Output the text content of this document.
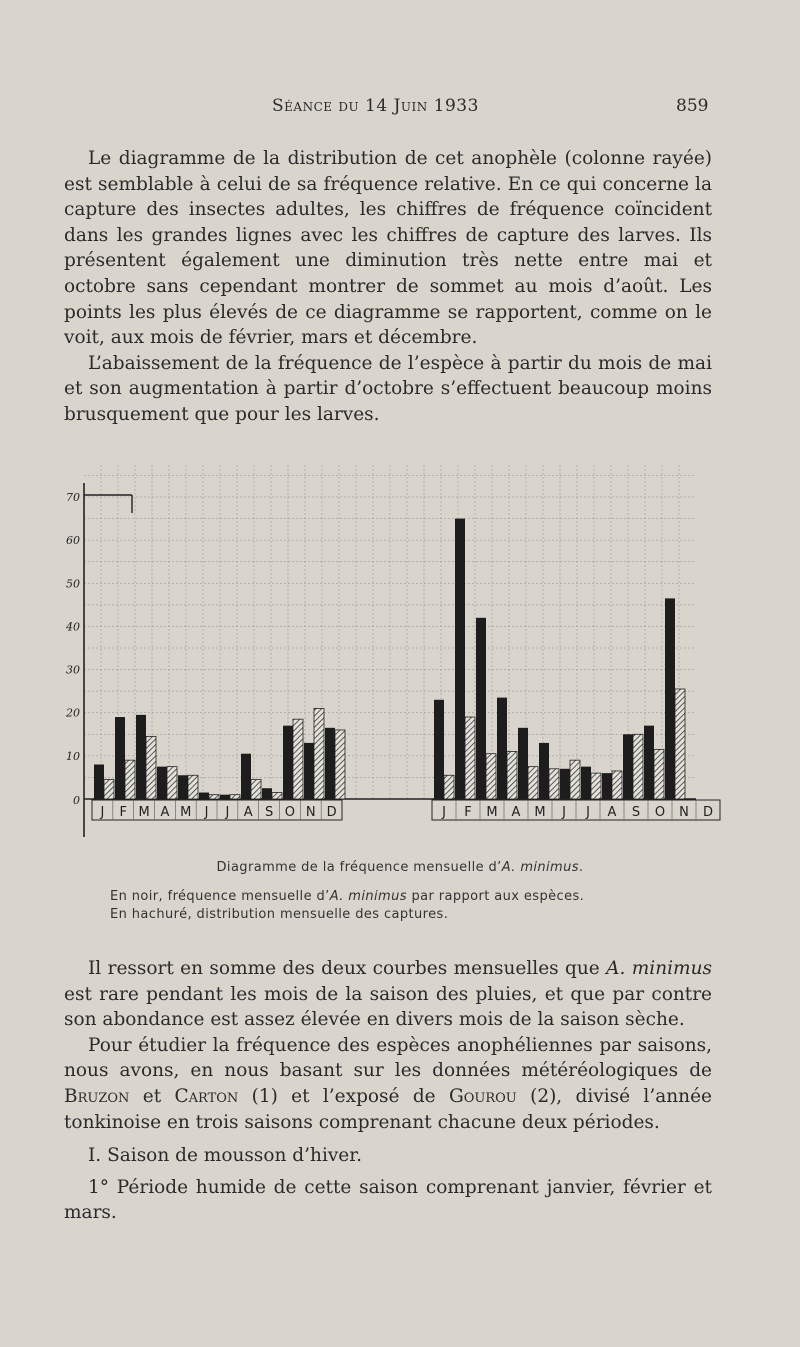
Séance du 14 Juin 1933	859

Le diagramme de la distribution de cet anophèle (colonne rayée) est semblable à celui de sa fréquence relative. En ce qui concerne la capture des insectes adultes, les chiffres de fréquence coïncident dans les grandes lignes avec les chiffres de capture des larves. Ils présentent également une diminution très nette entre mai et octobre sans cependant montrer de sommet au mois d’août. Les points les plus élevés de ce diagramme se rapportent, comme on le voit, aux mois de février, mars et décembre.

L’abaissement de la fréquence de l’espèce à partir du mois de mai et son augmentation à partir d’octobre s’effectuent beaucoup moins brusquement que pour les larves.

0
10
20
30
40
50
60
70
J F M A M J J A S O N D	J F M A M J J A S O N D
Diagramme de la fréquence mensuelle d’A. minimus.
En noir, fréquence mensuelle d’A. minimus par rapport aux espèces.
En hachuré, distribution mensuelle des captures.

Il ressort en somme des deux courbes mensuelles que A. minimus est rare pendant les mois de la saison des pluies, et que par contre son abondance est assez élevée en divers mois de la saison sèche.

Pour étudier la fréquence des espèces anophéliennes par saisons, nous avons, en nous basant sur les données météréologiques de Bruzon et Carton (1) et l’exposé de Gourou (2), divisé l’année tonkinoise en trois saisons comprenant chacune deux périodes.

I. Saison de mousson d’hiver.

1° Période humide de cette saison comprenant janvier, février et mars.
